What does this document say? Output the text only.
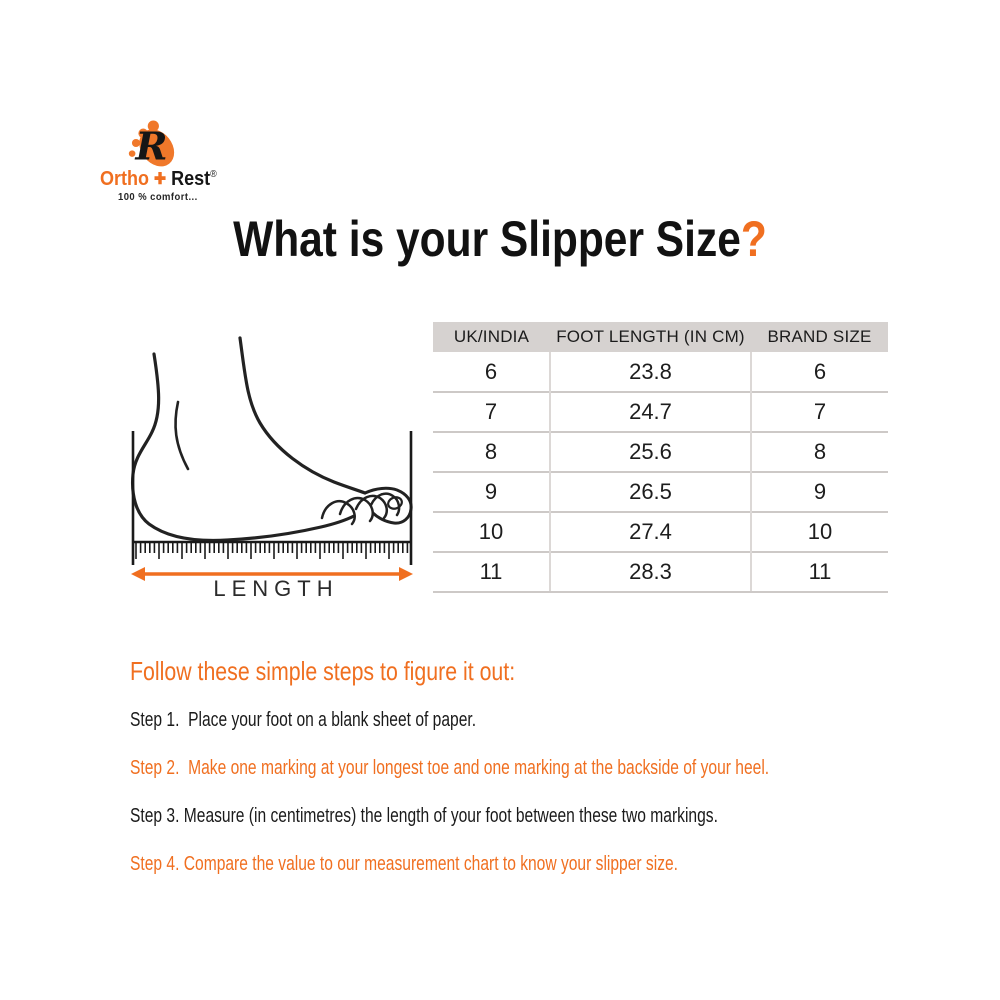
R
Ortho ✚ Rest®
100 % comfort...
What is your Slipper Size?
LENGTH
UK/INDIA	FOOT LENGTH (IN CM)	BRAND SIZE
6	23.8	6
7	24.7	7
8	25.6	8
9	26.5	9
10	27.4	10
11	28.3	11
Follow these simple steps to figure it out:
Step 1.  Place your foot on a blank sheet of paper.
Step 2.  Make one marking at your longest toe and one marking at the backside of your heel.
Step 3. Measure (in centimetres) the length of your foot between these two markings.
Step 4. Compare the value to our measurement chart to know your slipper size.
